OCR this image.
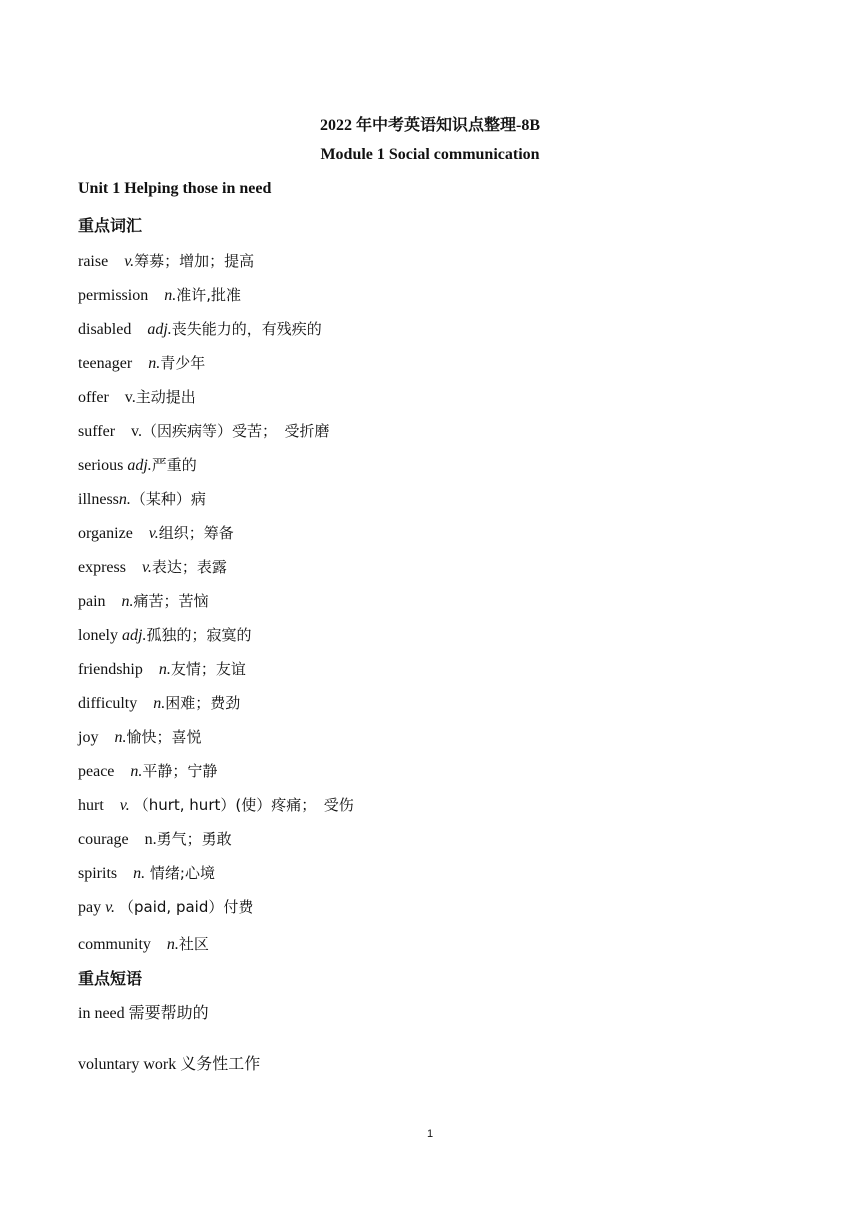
2022 年中考英语知识点整理-8B
Module 1 Social communication
Unit 1 Helping those in need
重点词汇
raise v.筹募；增加；提高
permission n.准许,批准
disabled adj.丧失能力的，有残疾的
teenager n.青少年
offer v.主动提出
suffer v.（因疾病等）受苦；　受折磨
serious adj.严重的
illnessn.（某种）病
organize v.组织；筹备
express v.表达；表露
pain n.痛苦；苦恼
lonely adj.孤独的；寂寞的
friendship n.友情；友谊
difficulty n.困难；费劲
joy n.愉快；喜悦
peace n.平静；宁静
hurt v. （hurt, hurt）(使）疼痛；　受伤
courage n.勇气；勇敢
spirits n. 情绪;心境
pay v. （paid, paid）付费
community n.社区
重点短语
in need 需要帮助的
voluntary work 义务性工作
1
